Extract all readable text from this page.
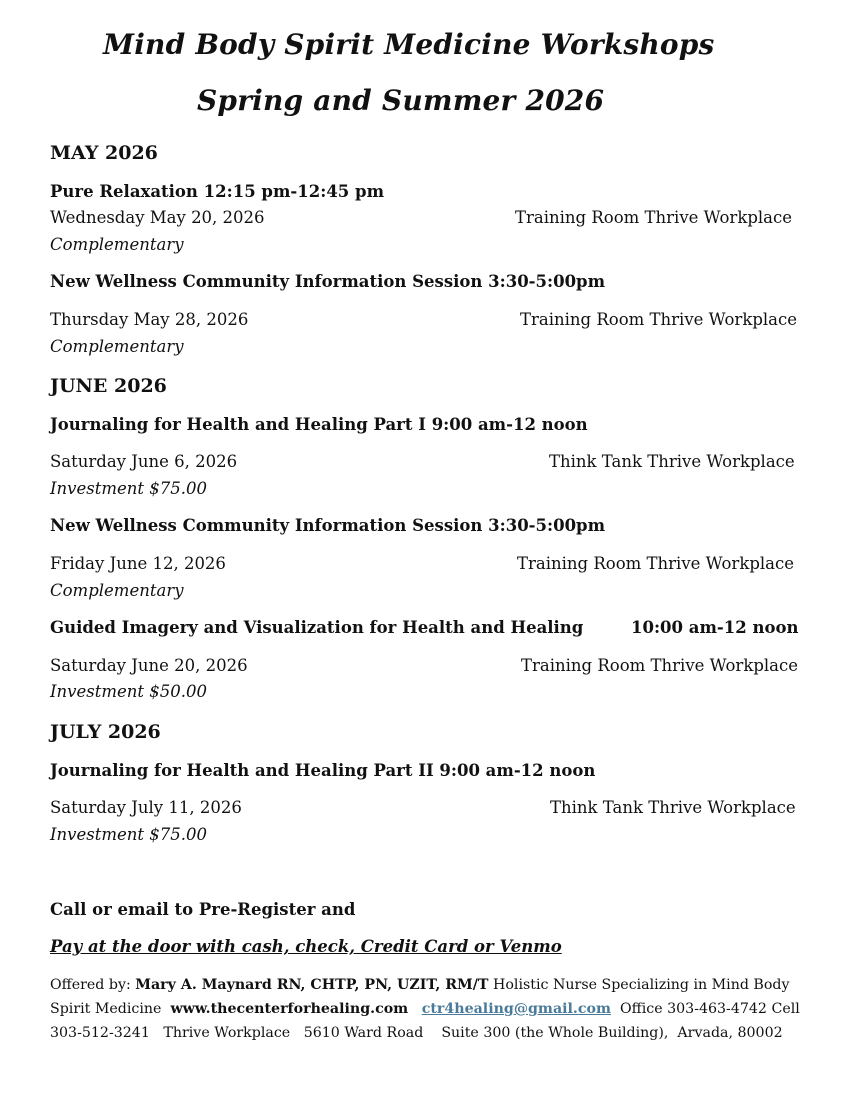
Mind Body Spirit Medicine Workshops
Spring and Summer 2026
MAY 2026
Pure Relaxation 12:15 pm-12:45 pm
Wednesday May 20, 2026	Training Room Thrive Workplace
Complementary
New Wellness Community Information Session 3:30-5:00pm
Thursday May 28, 2026	Training Room Thrive Workplace
Complementary
JUNE 2026
Journaling for Health and Healing Part I 9:00 am-12 noon
Saturday June 6, 2026	Think Tank Thrive Workplace
Investment $75.00
New Wellness Community Information Session 3:30-5:00pm
Friday June 12, 2026	Training Room Thrive Workplace
Complementary
Guided Imagery and Visualization for Health and Healing	10:00 am-12 noon
Saturday June 20, 2026	Training Room Thrive Workplace
Investment $50.00
JULY 2026
Journaling for Health and Healing Part II 9:00 am-12 noon
Saturday July 11, 2026	Think Tank Thrive Workplace
Investment $75.00
Call or email to Pre-Register and
Pay at the door with cash, check, Credit Card or Venmo
Offered by: Mary A. Maynard RN, CHTP, PN, UZIT, RM/T Holistic Nurse Specializing in Mind Body Spirit Medicine www.thecenterforhealing.com ctr4healing@gmail.com Office 303-463-4742 Cell 303-512-3241 Thrive Workplace   5610 Ward Road    Suite 300 (the Whole Building),  Arvada, 80002
